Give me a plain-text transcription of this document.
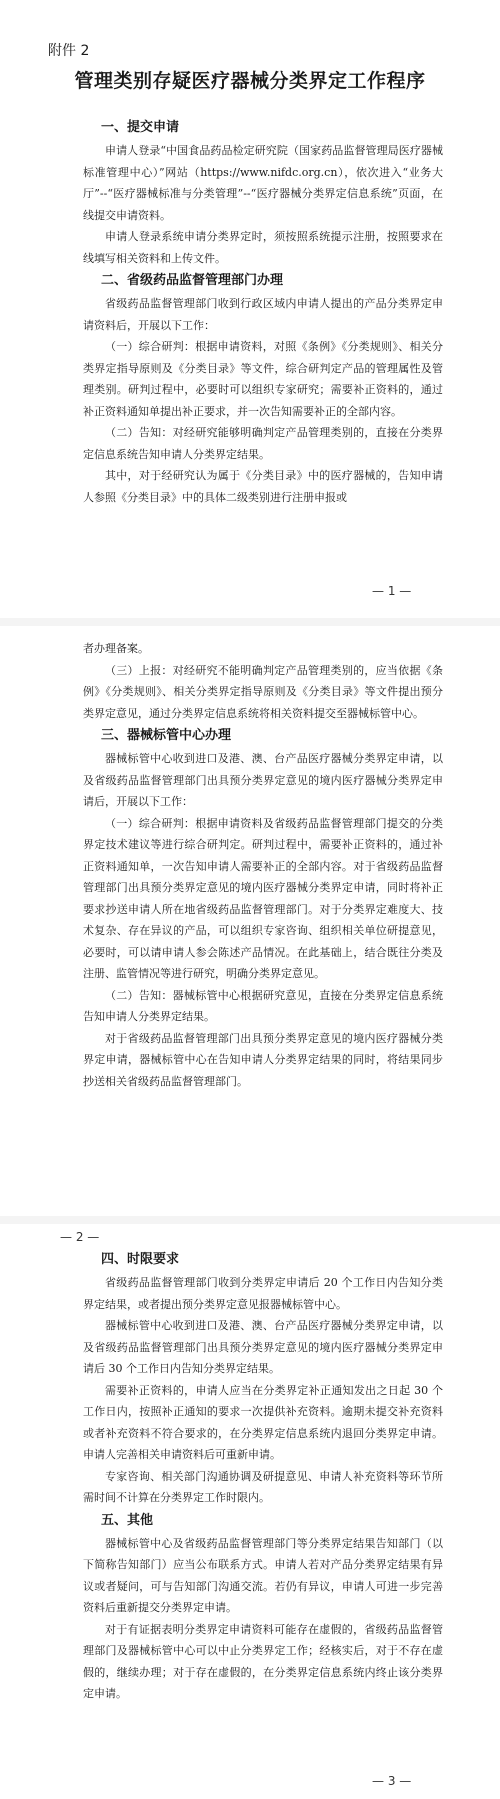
附件 2
管理类别存疑医疗器械分类界定工作程序

一、提交申请

申请人登录“中国食品药品检定研究院（国家药品监督管理局医疗器械标准管理中心）”网站（https://www.nifdc.org.cn），依次进入“业务大厅”--“医疗器械标准与分类管理”--“医疗器械分类界定信息系统”页面，在线提交申请资料。

申请人登录系统申请分类界定时，须按照系统提示注册，按照要求在线填写相关资料和上传文件。

二、省级药品监督管理部门办理

省级药品监督管理部门收到行政区域内申请人提出的产品分类界定申请资料后，开展以下工作：

（一）综合研判：根据申请资料，对照《条例》《分类规则》、相关分类界定指导原则及《分类目录》等文件，综合研判定产品的管理属性及管理类别。研判过程中，必要时可以组织专家研究；需要补正资料的，通过补正资料通知单提出补正要求，并一次告知需要补正的全部内容。

（二）告知：对经研究能够明确判定产品管理类别的，直接在分类界定信息系统告知申请人分类界定结果。

其中，对于经研究认为属于《分类目录》中的医疗器械的，告知申请人参照《分类目录》中的具体二级类别进行注册申报或

— 1 —

者办理备案。

（三）上报：对经研究不能明确判定产品管理类别的，应当依据《条例》《分类规则》、相关分类界定指导原则及《分类目录》等文件提出预分类界定意见，通过分类界定信息系统将相关资料提交至器械标管中心。

三、器械标管中心办理

器械标管中心收到进口及港、澳、台产品医疗器械分类界定申请，以及省级药品监督管理部门出具预分类界定意见的境内医疗器械分类界定申请后，开展以下工作：

（一）综合研判：根据申请资料及省级药品监督管理部门提交的分类界定技术建议等进行综合研判定。研判过程中，需要补正资料的，通过补正资料通知单，一次告知申请人需要补正的全部内容。对于省级药品监督管理部门出具预分类界定意见的境内医疗器械分类界定申请，同时将补正要求抄送申请人所在地省级药品监督管理部门。对于分类界定难度大、技术复杂、存在异议的产品，可以组织专家咨询、组织相关单位研提意见，必要时，可以请申请人参会陈述产品情况。在此基础上，结合既往分类及注册、监管情况等进行研究，明确分类界定意见。

（二）告知：器械标管中心根据研究意见，直接在分类界定信息系统告知申请人分类界定结果。

对于省级药品监督管理部门出具预分类界定意见的境内医疗器械分类界定申请，器械标管中心在告知申请人分类界定结果的同时，将结果同步抄送相关省级药品监督管理部门。

— 2 —

四、时限要求

省级药品监督管理部门收到分类界定申请后 20 个工作日内告知分类界定结果，或者提出预分类界定意见报器械标管中心。

器械标管中心收到进口及港、澳、台产品医疗器械分类界定申请，以及省级药品监督管理部门出具预分类界定意见的境内医疗器械分类界定申请后 30 个工作日内告知分类界定结果。

需要补正资料的，申请人应当在分类界定补正通知发出之日起 30 个工作日内，按照补正通知的要求一次提供补充资料。逾期未提交补充资料或者补充资料不符合要求的，在分类界定信息系统内退回分类界定申请。申请人完善相关申请资料后可重新申请。

专家咨询、相关部门沟通协调及研提意见、申请人补充资料等环节所需时间不计算在分类界定工作时限内。

五、其他

器械标管中心及省级药品监督管理部门等分类界定结果告知部门（以下简称告知部门）应当公布联系方式。申请人若对产品分类界定结果有异议或者疑问，可与告知部门沟通交流。若仍有异议，申请人可进一步完善资料后重新提交分类界定申请。

对于有证据表明分类界定申请资料可能存在虚假的，省级药品监督管理部门及器械标管中心可以中止分类界定工作；经核实后，对于不存在虚假的，继续办理；对于存在虚假的，在分类界定信息系统内终止该分类界定申请。

— 3 —
